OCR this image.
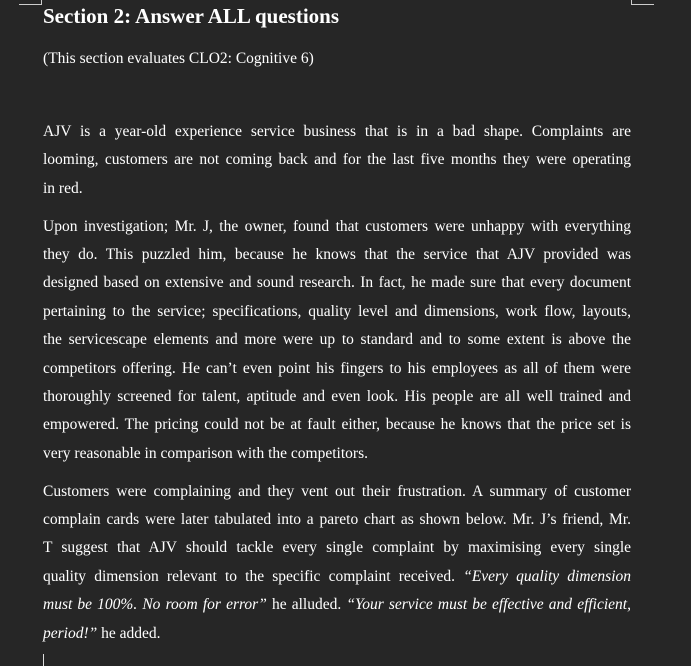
Section 2: Answer ALL questions
(This section evaluates CLO2: Cognitive 6)
AJV is a year-old experience service business that is in a bad shape. Complaints are
looming, customers are not coming back and for the last five months they were operating
in red.
Upon investigation; Mr. J, the owner, found that customers were unhappy with everything
they do. This puzzled him, because he knows that the service that AJV provided was
designed based on extensive and sound research. In fact, he made sure that every document
pertaining to the service; specifications, quality level and dimensions, work flow, layouts,
the servicescape elements and more were up to standard and to some extent is above the
competitors offering. He can’t even point his fingers to his employees as all of them were
thoroughly screened for talent, aptitude and even look. His people are all well trained and
empowered. The pricing could not be at fault either, because he knows that the price set is
very reasonable in comparison with the competitors.
Customers were complaining and they vent out their frustration. A summary of customer
complain cards were later tabulated into a pareto chart as shown below. Mr. J’s friend, Mr.
T suggest that AJV should tackle every single complaint by maximising every single
quality dimension relevant to the specific complaint received. “Every quality dimension
must be 100%. No room for error” he alluded. “Your service must be effective and efficient,
period!” he added.
